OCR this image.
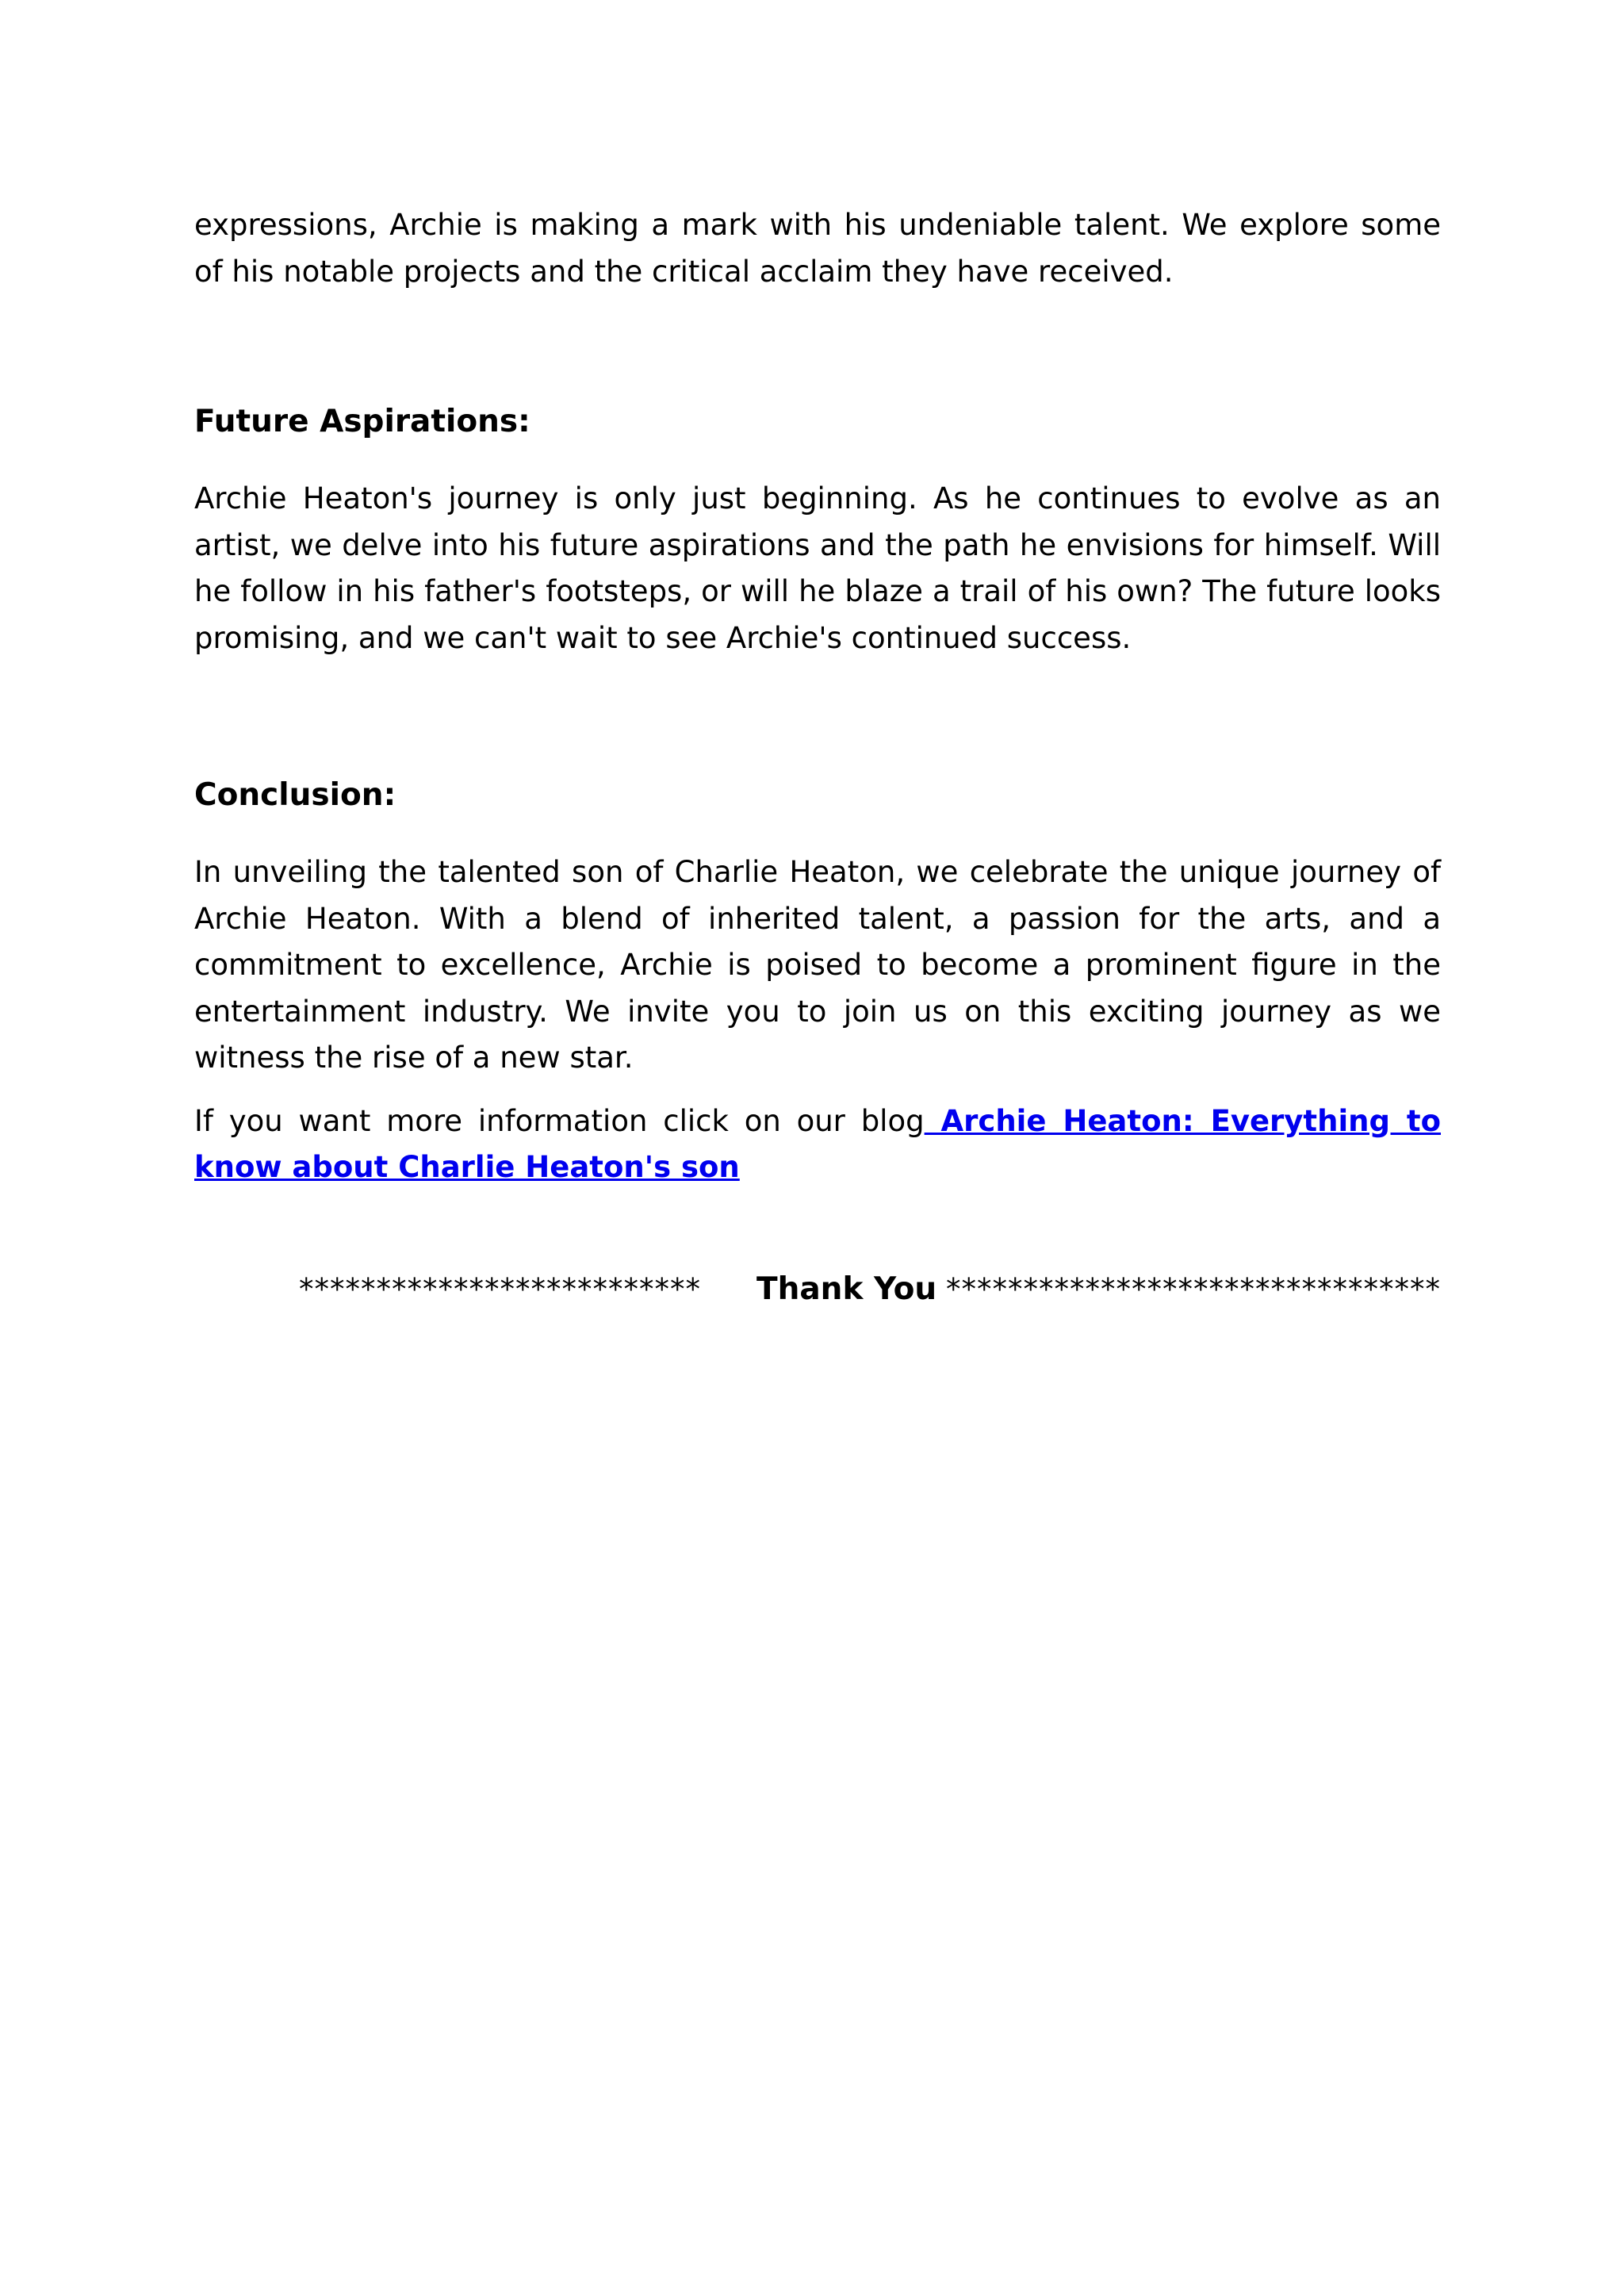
expressions, Archie is making a mark with his undeniable talent. We explore some of his notable projects and the critical acclaim they have received.

Future Aspirations:

Archie Heaton's journey is only just beginning. As he continues to evolve as an artist, we delve into his future aspirations and the path he envisions for himself. Will he follow in his father's footsteps, or will he blaze a trail of his own? The future looks promising, and we can't wait to see Archie's continued success.

Conclusion:

In unveiling the talented son of Charlie Heaton, we celebrate the unique journey of Archie Heaton. With a blend of inherited talent, a passion for the arts, and a commitment to excellence, Archie is poised to become a prominent figure in the entertainment industry. We invite you to join us on this exciting journey as we witness the rise of a new star.

If you want more information click on our blog Archie Heaton: Everything to know about Charlie Heaton's son

************************** Thank You ********************************
